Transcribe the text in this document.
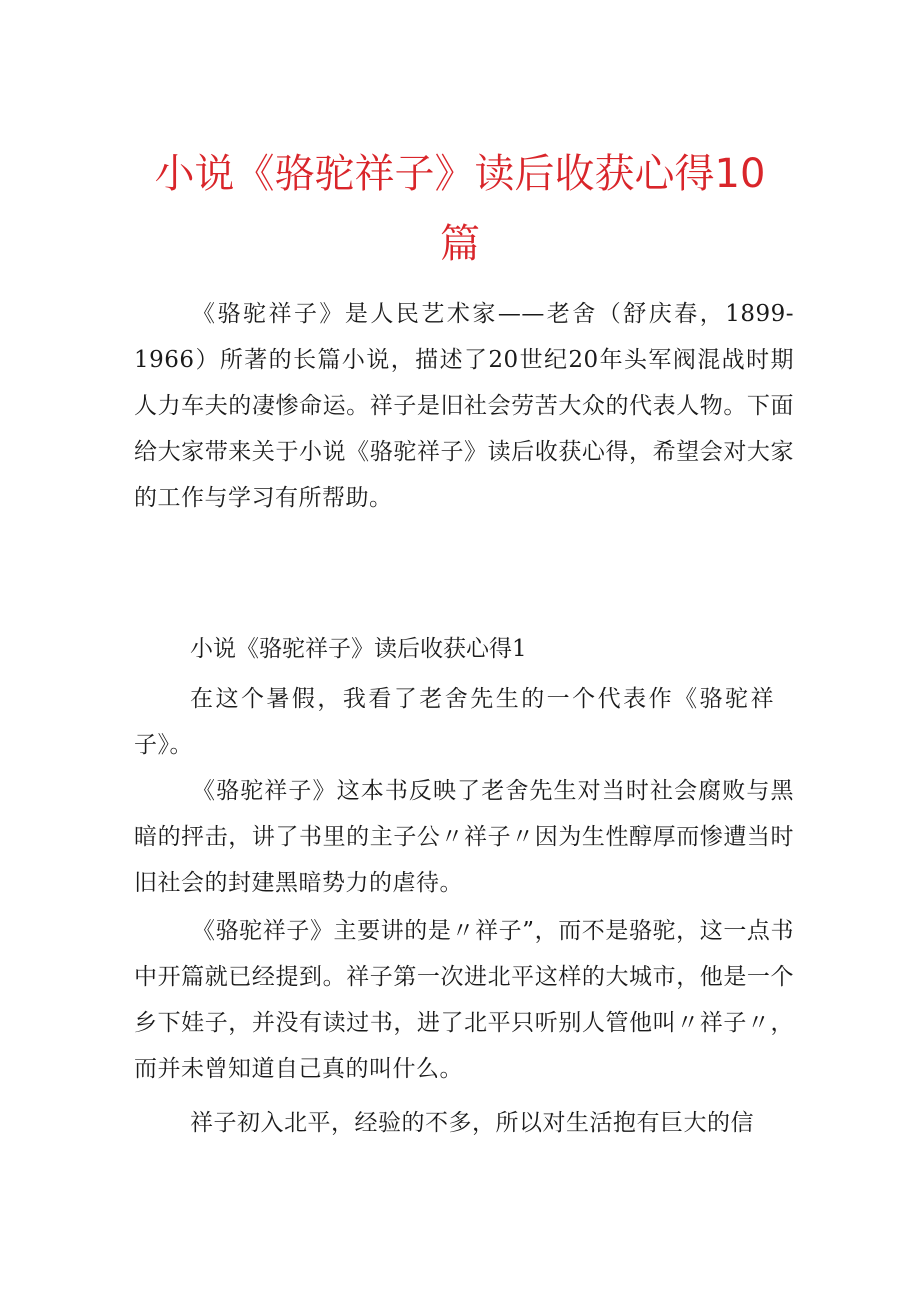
小说《骆驼祥子》读后收获心得10
篇

《骆驼祥子》是人民艺术家——老舍（舒庆春，1899-1966）所著的长篇小说，描述了20世纪20年头军阀混战时期人力车夫的凄惨命运。祥子是旧社会劳苦大众的代表人物。下面给大家带来关于小说《骆驼祥子》读后收获心得，希望会对大家的工作与学习有所帮助。

小说《骆驼祥子》读后收获心得1

在这个暑假，我看了老舍先生的一个代表作《骆驼祥子》。

《骆驼祥子》这本书反映了老舍先生对当时社会腐败与黑暗的抨击，讲了书里的主子公〃祥子〃因为生性醇厚而惨遭当时旧社会的封建黑暗势力的虐待。

《骆驼祥子》主要讲的是〃祥子”，而不是骆驼，这一点书中开篇就已经提到。祥子第一次进北平这样的大城市，他是一个乡下娃子，并没有读过书，进了北平只听别人管他叫〃祥子〃，而并未曾知道自己真的叫什么。

祥子初入北平，经验的不多，所以对生活抱有巨大的信
